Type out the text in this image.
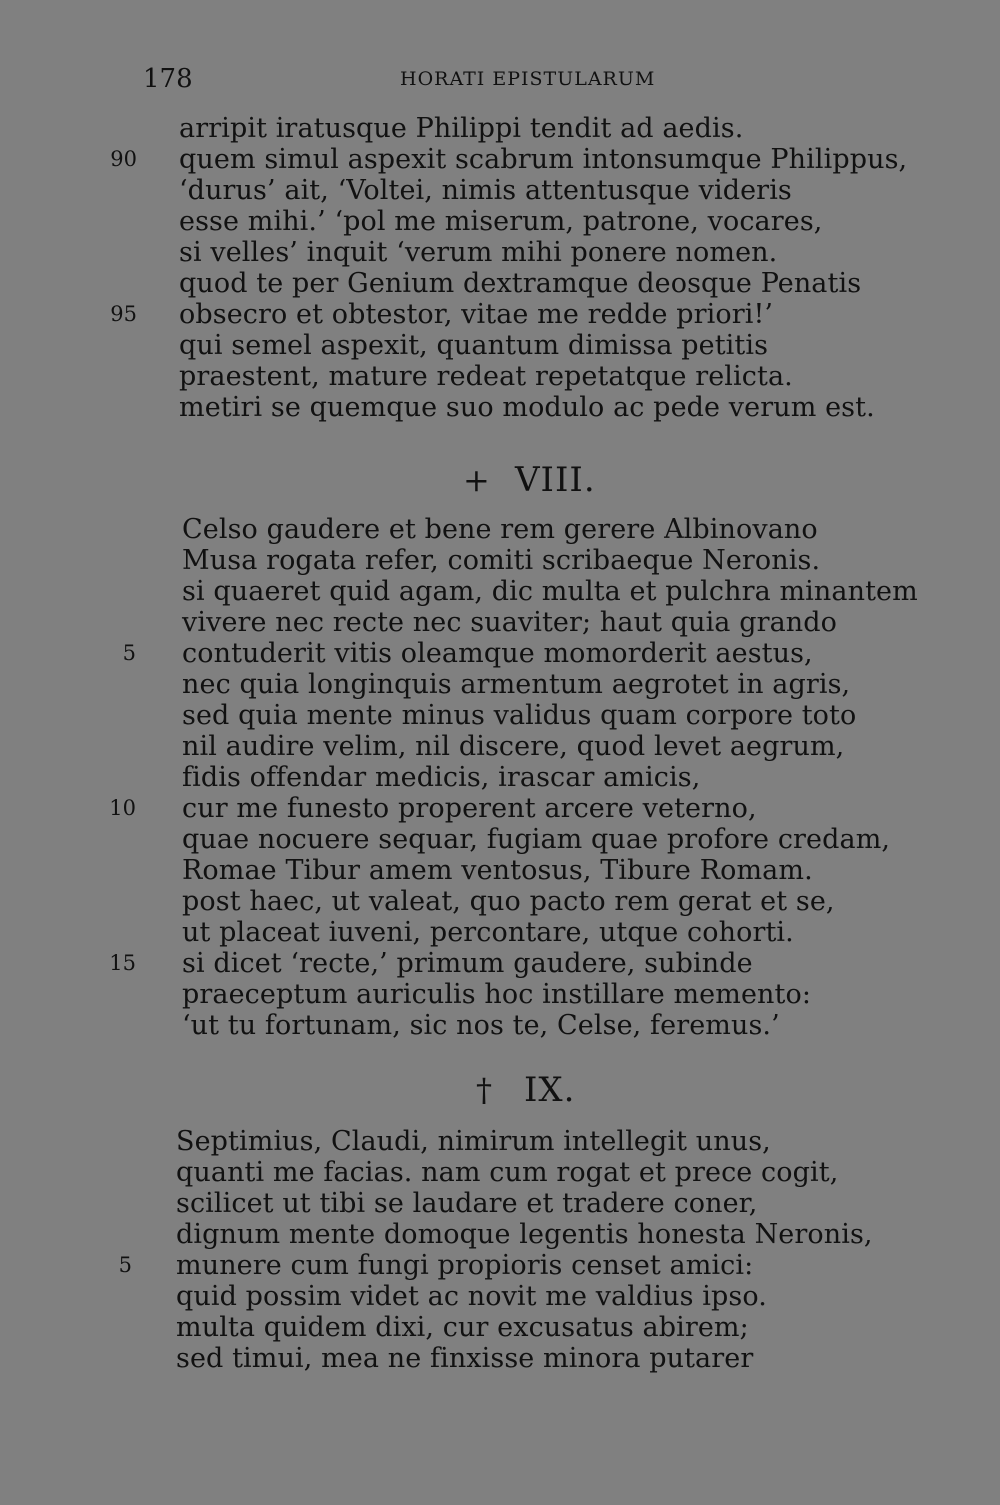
178	HORATI EPISTULARUM
arripit iratusque Philippi tendit ad aedis.
90 quem simul aspexit scabrum intonsumque Philippus,
‘durus’ ait, ‘Voltei, nimis attentusque videris
esse mihi.’ ‘pol me miserum, patrone, vocares,
si velles’ inquit ‘verum mihi ponere nomen.
quod te per Genium dextramque deosque Penatis
95 obsecro et obtestor, vitae me redde priori!’
qui semel aspexit, quantum dimissa petitis
praestent, mature redeat repetatque relicta.
metiri se quemque suo modulo ac pede verum est.
+ VIII.
Celso gaudere et bene rem gerere Albinovano
Musa rogata refer, comiti scribaeque Neronis.
si quaeret quid agam, dic multa et pulchra minantem
vivere nec recte nec suaviter; haut quia grando
5 contuderit vitis oleamque momorderit aestus,
nec quia longinquis armentum aegrotet in agris,
sed quia mente minus validus quam corpore toto
nil audire velim, nil discere, quod levet aegrum,
fidis offendar medicis, irascar amicis,
10 cur me funesto properent arcere veterno,
quae nocuere sequar, fugiam quae profore credam,
Romae Tibur amem ventosus, Tibure Romam.
post haec, ut valeat, quo pacto rem gerat et se,
ut placeat iuveni, percontare, utque cohorti.
15 si dicet ‘recte,’ primum gaudere, subinde
praeceptum auriculis hoc instillare memento:
‘ut tu fortunam, sic nos te, Celse, feremus.’
† IX.
Septimius, Claudi, nimirum intellegit unus,
quanti me facias. nam cum rogat et prece cogit,
scilicet ut tibi se laudare et tradere coner,
dignum mente domoque legentis honesta Neronis,
5 munere cum fungi propioris censet amici:
quid possim videt ac novit me valdius ipso.
multa quidem dixi, cur excusatus abirem;
sed timui, mea ne finxisse minora putarer
